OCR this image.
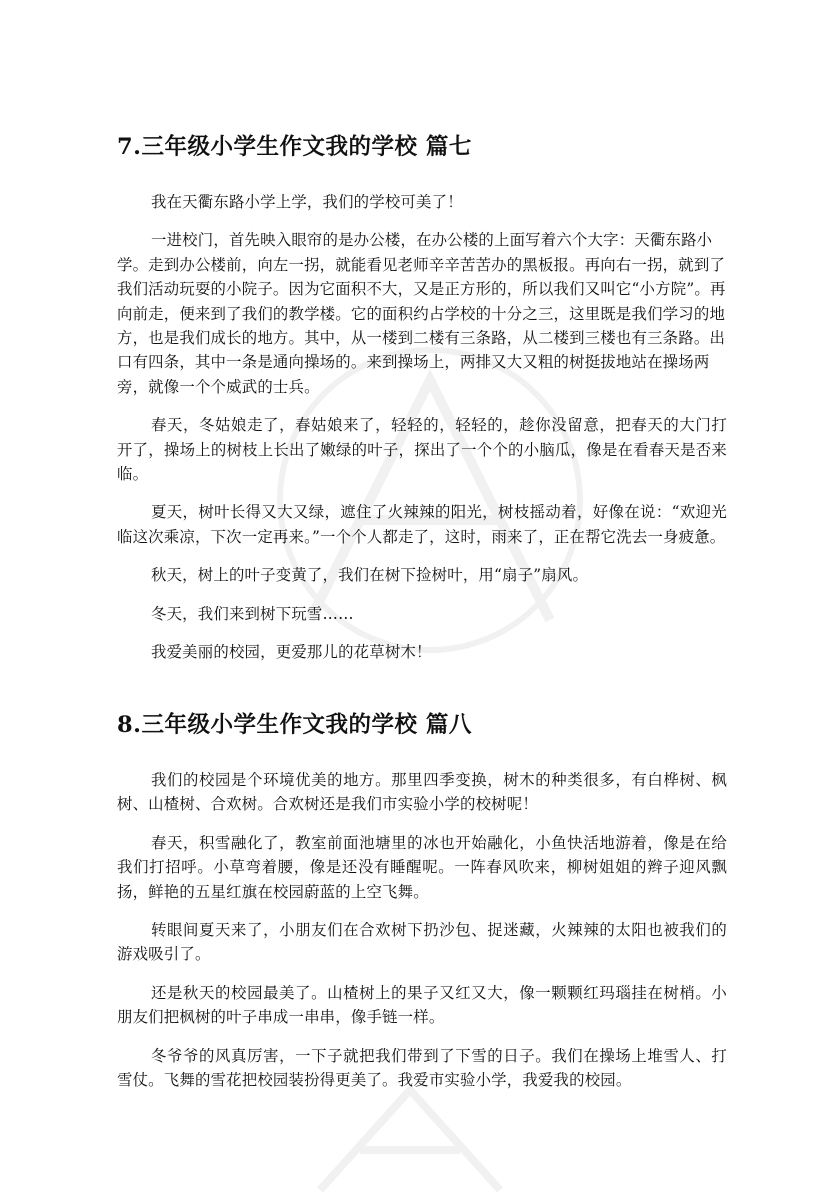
7.三年级小学生作文我的学校 篇七

我在天衢东路小学上学，我们的学校可美了！

一进校门，首先映入眼帘的是办公楼，在办公楼的上面写着六个大字：天衢东路小学。走到办公楼前，向左一拐，就能看见老师辛辛苦苦办的黑板报。再向右一拐，就到了我们活动玩耍的小院子。因为它面积不大，又是正方形的，所以我们又叫它“小方院”。再向前走，便来到了我们的教学楼。它的面积约占学校的十分之三，这里既是我们学习的地方，也是我们成长的地方。其中，从一楼到二楼有三条路，从二楼到三楼也有三条路。出口有四条，其中一条是通向操场的。来到操场上，两排又大又粗的树挺拔地站在操场两旁，就像一个个威武的士兵。

春天，冬姑娘走了，春姑娘来了，轻轻的，轻轻的，趁你没留意，把春天的大门打开了，操场上的树枝上长出了嫩绿的叶子，探出了一个个的小脑瓜，像是在看春天是否来临。

夏天，树叶长得又大又绿，遮住了火辣辣的阳光，树枝摇动着，好像在说：“欢迎光临这次乘凉，下次一定再来。”一个个人都走了，这时，雨来了，正在帮它洗去一身疲惫。

秋天，树上的叶子变黄了，我们在树下捡树叶，用“扇子”扇风。

冬天，我们来到树下玩雪……

我爱美丽的校园，更爱那儿的花草树木！

8.三年级小学生作文我的学校 篇八

我们的校园是个环境优美的地方。那里四季变换，树木的种类很多，有白桦树、枫树、山楂树、合欢树。合欢树还是我们市实验小学的校树呢！

春天，积雪融化了，教室前面池塘里的冰也开始融化，小鱼快活地游着，像是在给我们打招呼。小草弯着腰，像是还没有睡醒呢。一阵春风吹来，柳树姐姐的辫子迎风飘扬，鲜艳的五星红旗在校园蔚蓝的上空飞舞。

转眼间夏天来了，小朋友们在合欢树下扔沙包、捉迷藏，火辣辣的太阳也被我们的游戏吸引了。

还是秋天的校园最美了。山楂树上的果子又红又大，像一颗颗红玛瑙挂在树梢。小朋友们把枫树的叶子串成一串串，像手链一样。

冬爷爷的风真厉害，一下子就把我们带到了下雪的日子。我们在操场上堆雪人、打雪仗。飞舞的雪花把校园装扮得更美了。我爱市实验小学，我爱我的校园。
